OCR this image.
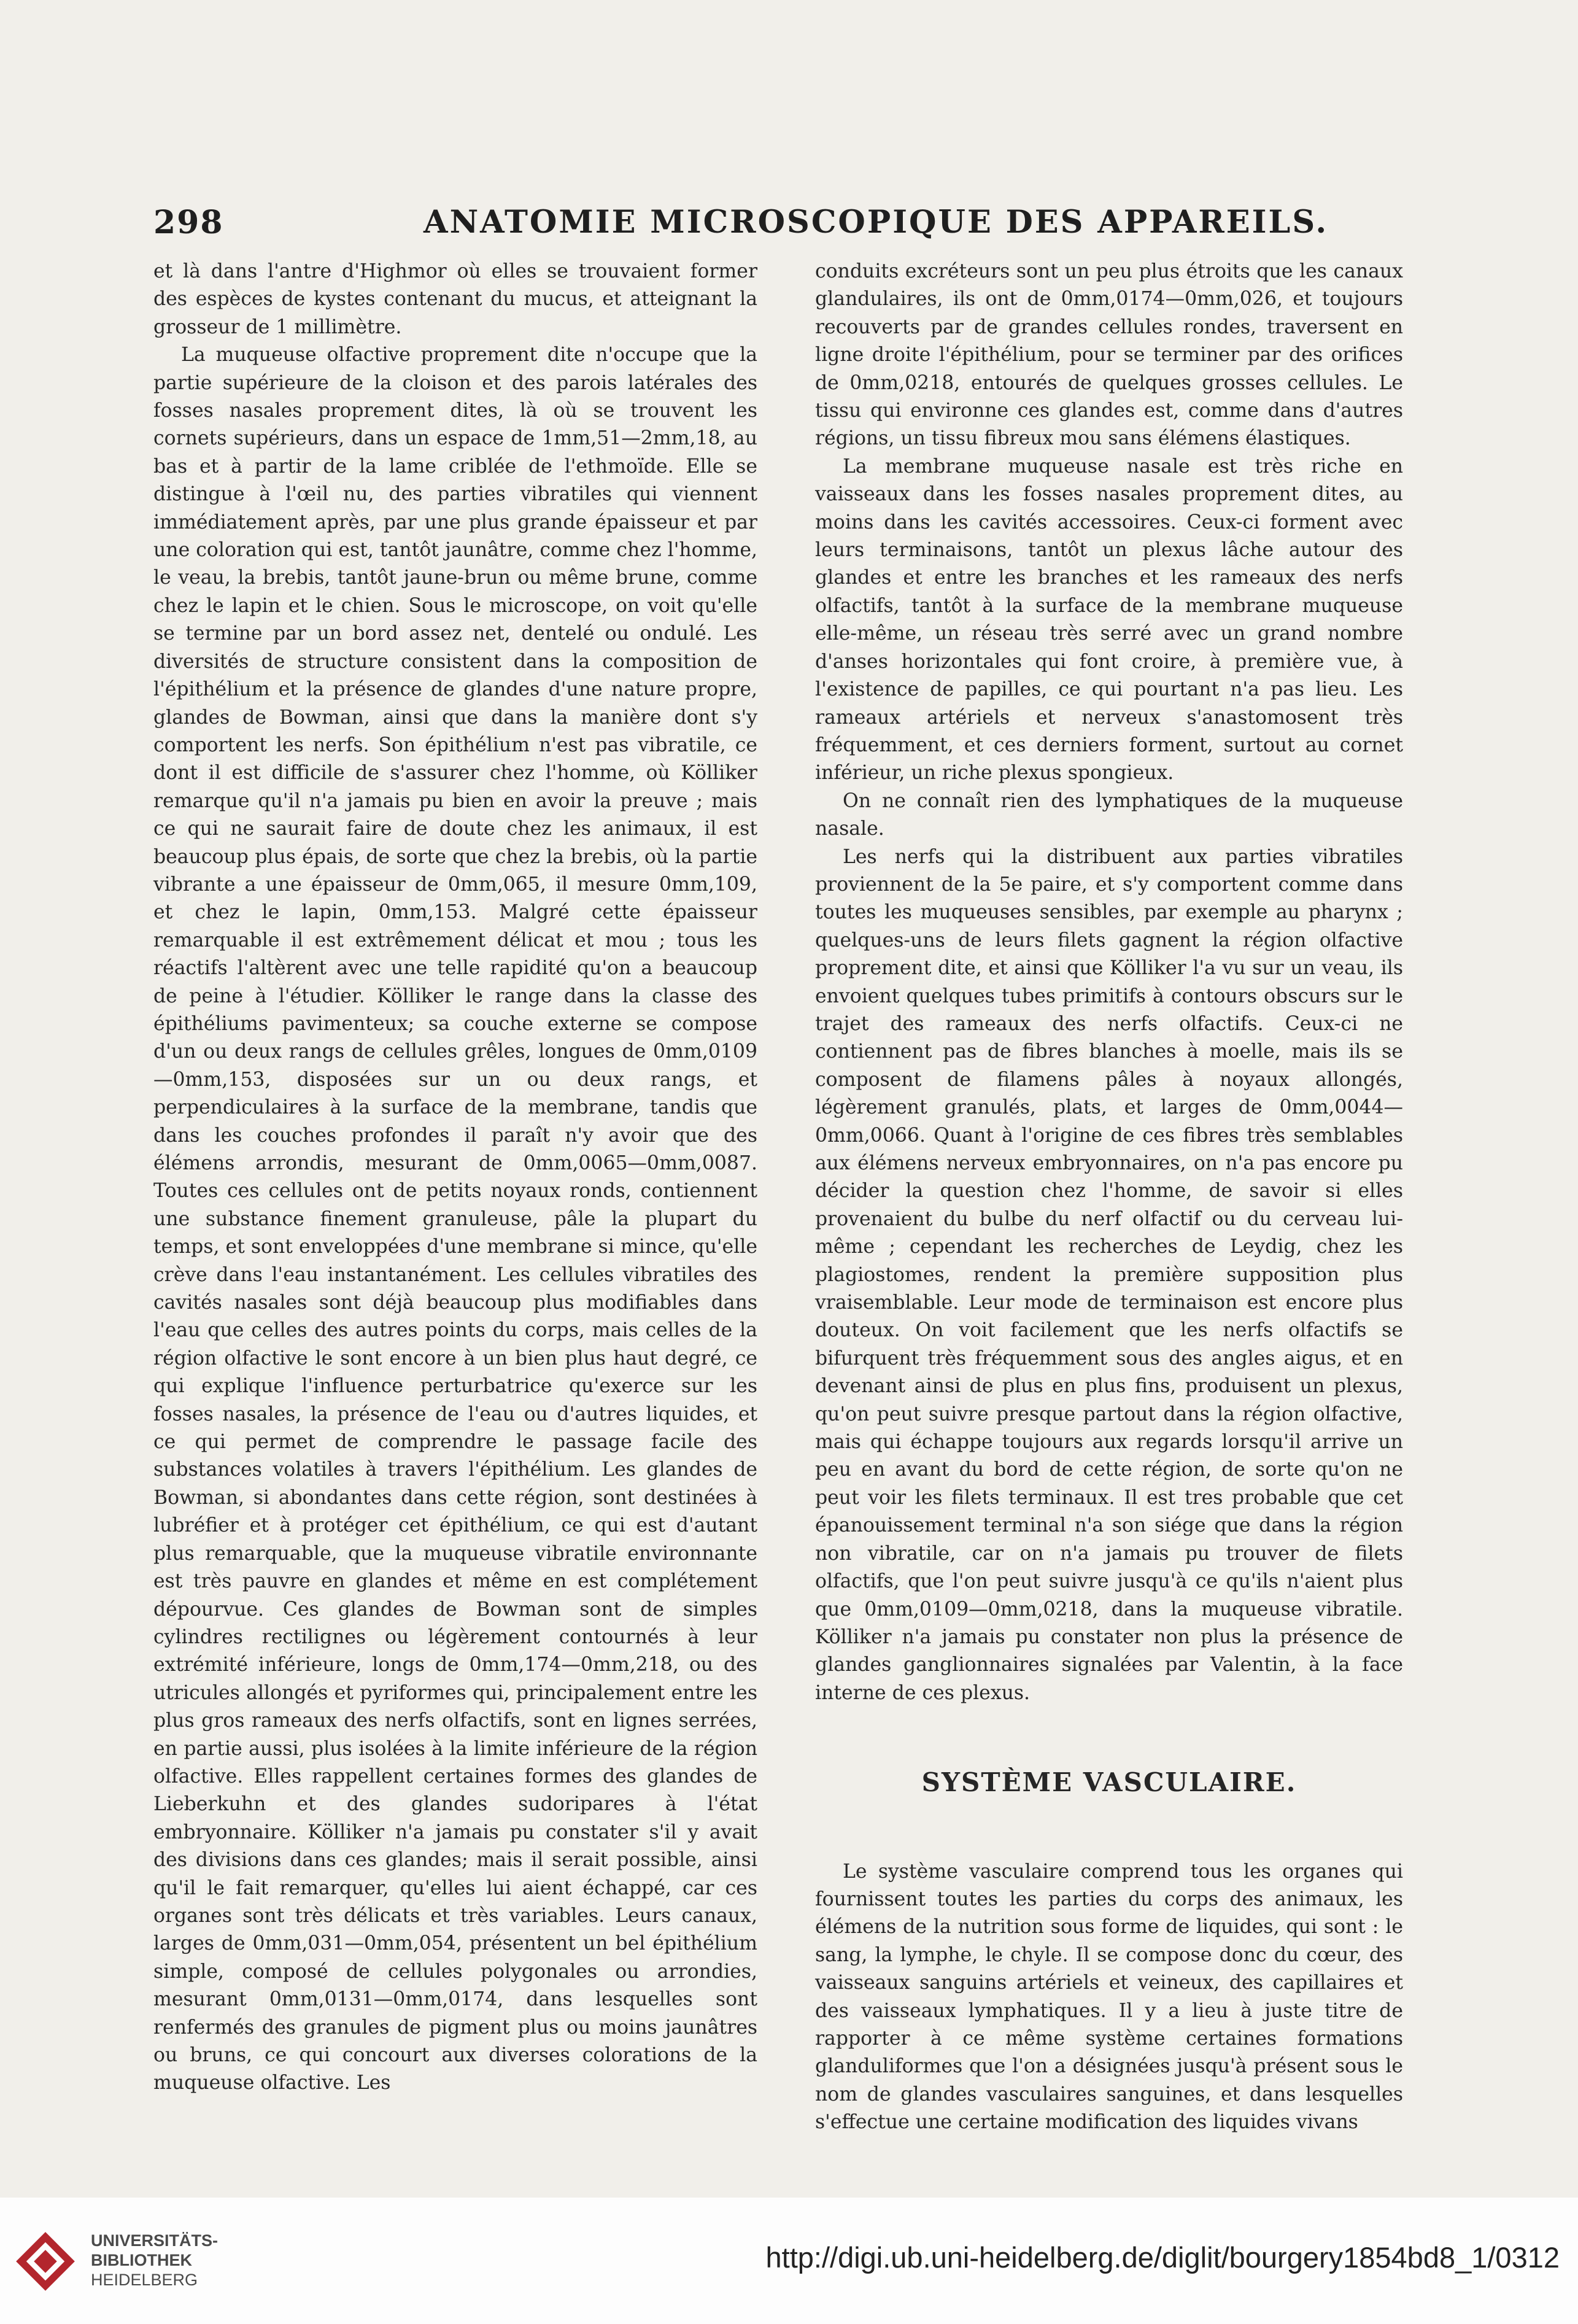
298	ANATOMIE MICROSCOPIQUE DES APPAREILS.

et là dans l'antre d'Highmor où elles se trouvaient former des espèces de kystes contenant du mucus, et atteignant la grosseur de 1 millimètre.

La muqueuse olfactive proprement dite n'occupe que la partie supérieure de la cloison et des parois latérales des fosses nasales proprement dites, là où se trouvent les cornets supérieurs, dans un espace de 1mm,51—2mm,18, au bas et à partir de la lame criblée de l'ethmoïde. Elle se distingue à l'œil nu, des parties vibratiles qui viennent immédiatement après, par une plus grande épaisseur et par une coloration qui est, tantôt jaunâtre, comme chez l'homme, le veau, la brebis, tantôt jaune-brun ou même brune, comme chez le lapin et le chien. Sous le microscope, on voit qu'elle se termine par un bord assez net, dentelé ou ondulé. Les diversités de structure consistent dans la composition de l'épithélium et la présence de glandes d'une nature propre, glandes de Bowman, ainsi que dans la manière dont s'y comportent les nerfs. Son épithélium n'est pas vibratile, ce dont il est difficile de s'assurer chez l'homme, où Kölliker remarque qu'il n'a jamais pu bien en avoir la preuve ; mais ce qui ne saurait faire de doute chez les animaux, il est beaucoup plus épais, de sorte que chez la brebis, où la partie vibrante a une épaisseur de 0mm,065, il mesure 0mm,109, et chez le lapin, 0mm,153. Malgré cette épaisseur remarquable il est extrêmement délicat et mou ; tous les réactifs l'altèrent avec une telle rapidité qu'on a beaucoup de peine à l'étudier. Kölliker le range dans la classe des épithéliums pavimenteux; sa couche externe se compose d'un ou deux rangs de cellules grêles, longues de 0mm,0109—0mm,153, disposées sur un ou deux rangs, et perpendiculaires à la surface de la membrane, tandis que dans les couches profondes il paraît n'y avoir que des élémens arrondis, mesurant de 0mm,0065—0mm,0087. Toutes ces cellules ont de petits noyaux ronds, contiennent une substance finement granuleuse, pâle la plupart du temps, et sont enveloppées d'une membrane si mince, qu'elle crève dans l'eau instantanément. Les cellules vibratiles des cavités nasales sont déjà beaucoup plus modifiables dans l'eau que celles des autres points du corps, mais celles de la région olfactive le sont encore à un bien plus haut degré, ce qui explique l'influence perturbatrice qu'exerce sur les fosses nasales, la présence de l'eau ou d'autres liquides, et ce qui permet de comprendre le passage facile des substances volatiles à travers l'épithélium. Les glandes de Bowman, si abondantes dans cette région, sont destinées à lubréfier et à protéger cet épithélium, ce qui est d'autant plus remarquable, que la muqueuse vibratile environnante est très pauvre en glandes et même en est complétement dépourvue. Ces glandes de Bowman sont de simples cylindres rectilignes ou légèrement contournés à leur extrémité inférieure, longs de 0mm,174—0mm,218, ou des utricules allongés et pyriformes qui, principalement entre les plus gros rameaux des nerfs olfactifs, sont en lignes serrées, en partie aussi, plus isolées à la limite inférieure de la région olfactive. Elles rappellent certaines formes des glandes de Lieberkuhn et des glandes sudoripares à l'état embryonnaire. Kölliker n'a jamais pu constater s'il y avait des divisions dans ces glandes; mais il serait possible, ainsi qu'il le fait remarquer, qu'elles lui aient échappé, car ces organes sont très délicats et très variables. Leurs canaux, larges de 0mm,031—0mm,054, présentent un bel épithélium simple, composé de cellules polygonales ou arrondies, mesurant 0mm,0131—0mm,0174, dans lesquelles sont renfermés des granules de pigment plus ou moins jaunâtres ou bruns, ce qui concourt aux diverses colorations de la muqueuse olfactive. Les

conduits excréteurs sont un peu plus étroits que les canaux glandulaires, ils ont de 0mm,0174—0mm,026, et toujours recouverts par de grandes cellules rondes, traversent en ligne droite l'épithélium, pour se terminer par des orifices de 0mm,0218, entourés de quelques grosses cellules. Le tissu qui environne ces glandes est, comme dans d'autres régions, un tissu fibreux mou sans élémens élastiques.

La membrane muqueuse nasale est très riche en vaisseaux dans les fosses nasales proprement dites, au moins dans les cavités accessoires. Ceux-ci forment avec leurs terminaisons, tantôt un plexus lâche autour des glandes et entre les branches et les rameaux des nerfs olfactifs, tantôt à la surface de la membrane muqueuse elle-même, un réseau très serré avec un grand nombre d'anses horizontales qui font croire, à première vue, à l'existence de papilles, ce qui pourtant n'a pas lieu. Les rameaux artériels et nerveux s'anastomosent très fréquemment, et ces derniers forment, surtout au cornet inférieur, un riche plexus spongieux.

On ne connaît rien des lymphatiques de la muqueuse nasale.

Les nerfs qui la distribuent aux parties vibratiles proviennent de la 5e paire, et s'y comportent comme dans toutes les muqueuses sensibles, par exemple au pharynx ; quelques-uns de leurs filets gagnent la région olfactive proprement dite, et ainsi que Kölliker l'a vu sur un veau, ils envoient quelques tubes primitifs à contours obscurs sur le trajet des rameaux des nerfs olfactifs. Ceux-ci ne contiennent pas de fibres blanches à moelle, mais ils se composent de filamens pâles à noyaux allongés, légèrement granulés, plats, et larges de 0mm,0044—0mm,0066. Quant à l'origine de ces fibres très semblables aux élémens nerveux embryonnaires, on n'a pas encore pu décider la question chez l'homme, de savoir si elles provenaient du bulbe du nerf olfactif ou du cerveau lui-même ; cependant les recherches de Leydig, chez les plagiostomes, rendent la première supposition plus vraisemblable. Leur mode de terminaison est encore plus douteux. On voit facilement que les nerfs olfactifs se bifurquent très fréquemment sous des angles aigus, et en devenant ainsi de plus en plus fins, produisent un plexus, qu'on peut suivre presque partout dans la région olfactive, mais qui échappe toujours aux regards lorsqu'il arrive un peu en avant du bord de cette région, de sorte qu'on ne peut voir les filets terminaux. Il est tres probable que cet épanouissement terminal n'a son siége que dans la région non vibratile, car on n'a jamais pu trouver de filets olfactifs, que l'on peut suivre jusqu'à ce qu'ils n'aient plus que 0mm,0109—0mm,0218, dans la muqueuse vibratile. Kölliker n'a jamais pu constater non plus la présence de glandes ganglionnaires signalées par Valentin, à la face interne de ces plexus.

SYSTÈME VASCULAIRE.

Le système vasculaire comprend tous les organes qui fournissent toutes les parties du corps des animaux, les élémens de la nutrition sous forme de liquides, qui sont : le sang, la lymphe, le chyle. Il se compose donc du cœur, des vaisseaux sanguins artériels et veineux, des capillaires et des vaisseaux lymphatiques. Il y a lieu à juste titre de rapporter à ce même système certaines formations glanduliformes que l'on a désignées jusqu'à présent sous le nom de glandes vasculaires sanguines, et dans lesquelles s'effectue une certaine modification des liquides vivans

UNIVERSITÄTS-
BIBLIOTHEK
HEIDELBERG
http://digi.ub.uni-heidelberg.de/diglit/bourgery1854bd8_1/0312
